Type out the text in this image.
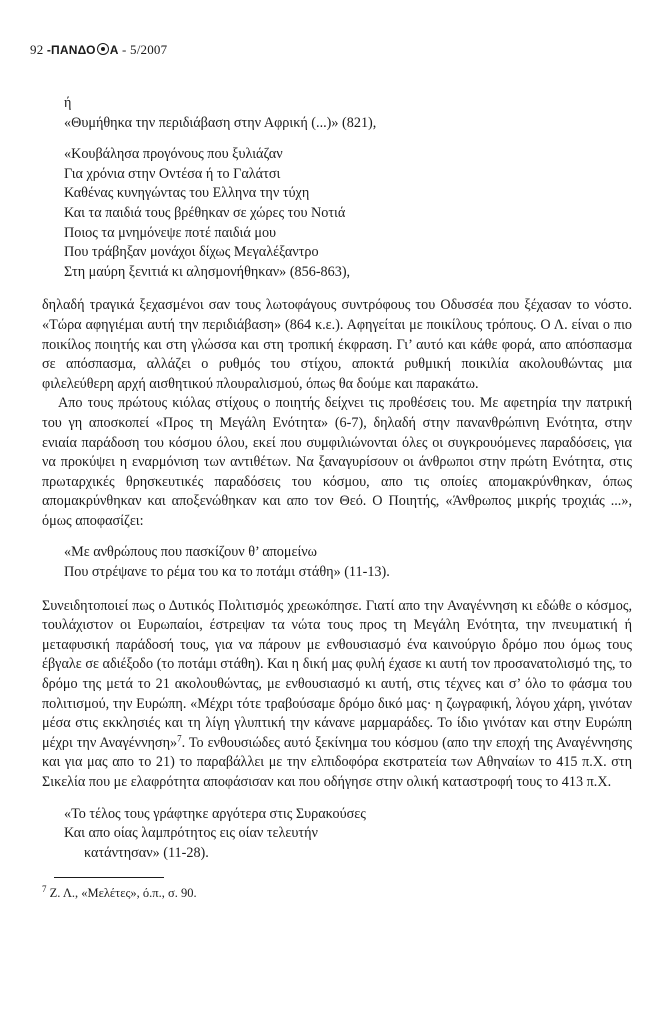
92 -ΠΑΝΔΟ Α - 5/2007
ή
«Θυμήθηκα την περιδιάβαση στην Αφρική (...)» (821),
«Κουβάλησα προγόνους που ξυλιάζαν
Για χρόνια στην Οντέσα ή το Γαλάτσι
Καθένας κυνηγώντας του Ελληνα την τύχη
Και τα παιδιά τους βρέθηκαν σε χώρες του Νοτιά
Ποιος τα μνημόνεψε ποτέ παιδιά μου
Που τράβηξαν μονάχοι δίχως Μεγαλέξαντρο
Στη μαύρη ξενιτιά κι αλησμονήθηκαν» (856-863),

δηλαδή τραγικά ξεχασμένοι σαν τους λωτοφάγους συντρόφους του Οδυσσέα που ξέχασαν το νόστο. «Τώρα αφηγιέμαι αυτή την περιδιάβαση» (864 κ.ε.). Αφηγείται με ποικίλους τρόπους. Ο Λ. είναι ο πιο ποικίλος ποιητής και στη γλώσσα και στη τροπική έκφραση. Γι’ αυτό και κάθε φορά, απο απόσπασμα σε απόσπασμα, αλλάζει ο ρυθμός του στίχου, αποκτά ρυθμική ποικιλία ακολουθώντας μια φιλελεύθερη αρχή αισθητικού πλουραλισμού, όπως θα δούμε και παρακάτω.

Απο τους πρώτους κιόλας στίχους ο ποιητής δείχνει τις προθέσεις του. Με αφετηρία την πατρική του γη αποσκοπεί «Προς τη Μεγάλη Ενότητα» (6-7), δηλαδή στην πανανθρώπινη Ενότητα, στην ενιαία παράδοση του κόσμου όλου, εκεί που συμφιλιώνονται όλες οι συγκρουόμενες παραδόσεις, για να προκύψει η εναρμόνιση των αντιθέτων. Να ξαναγυρίσουν οι άνθρωποι στην πρώτη Ενότητα, στις πρωταρχικές θρησκευτικές παραδόσεις του κόσμου, απο τις οποίες απομακρύνθηκαν, όπως απομακρύνθηκαν και αποξενώθηκαν και απο τον Θεό. Ο Ποιητής, «Άνθρωπος μικρής τροχιάς ...», όμως αποφασίζει:

«Με ανθρώπους που πασκίζουν θ’ απομείνω
Που στρέψανε το ρέμα του κα το ποτάμι στάθη» (11-13).

Συνειδητοποιεί πως ο Δυτικός Πολιτισμός χρεωκόπησε. Γιατί απο την Αναγέννηση κι εδώθε ο κόσμος, τουλάχιστον οι Ευρωπαίοι, έστρεψαν τα νώτα τους προς τη Μεγάλη Ενότητα, την πνευματική ή μεταφυσική παράδοσή τους, για να πάρουν με ενθουσιασμό ένα καινούργιο δρόμο που όμως τους έβγαλε σε αδιέξοδο (το ποτάμι στάθη). Και η δική μας φυλή έχασε κι αυτή τον προσανατολισμό της, το δρόμο της μετά το 21 ακολουθώντας, με ενθουσιασμό κι αυτή, στις τέχνες και σ’ όλο το φάσμα του πολιτισμού, την Ευρώπη. «Μέχρι τότε τραβούσαμε δρόμο δικό μας· η ζωγραφική, λόγου χάρη, γινόταν μέσα στις εκκλησιές και τη λίγη γλυπτική την κάνανε μαρμαράδες. Το ίδιο γινόταν και στην Ευρώπη μέχρι την Αναγέννηση»$^7$. Το ενθουσιώδες αυτό ξεκίνημα του κόσμου (απο την εποχή της Αναγέννησης και για μας απο το 21) το παραβάλλει με την ελπιδοφόρα εκστρατεία των Αθηναίων το 415 π.Χ. στη Σικελία που με ελαφρότητα αποφάσισαν και που οδήγησε στην ολική καταστροφή τους το 413 π.Χ.

«Το τέλος τους γράφτηκε αργότερα στις Συρακούσες
Και απο οίας λαμπρότητος εις οίαν τελευτήν
κατάντησαν» (11-28).
$^7$ Ζ. Λ., «Μελέτες», ό.π., σ. 90.
